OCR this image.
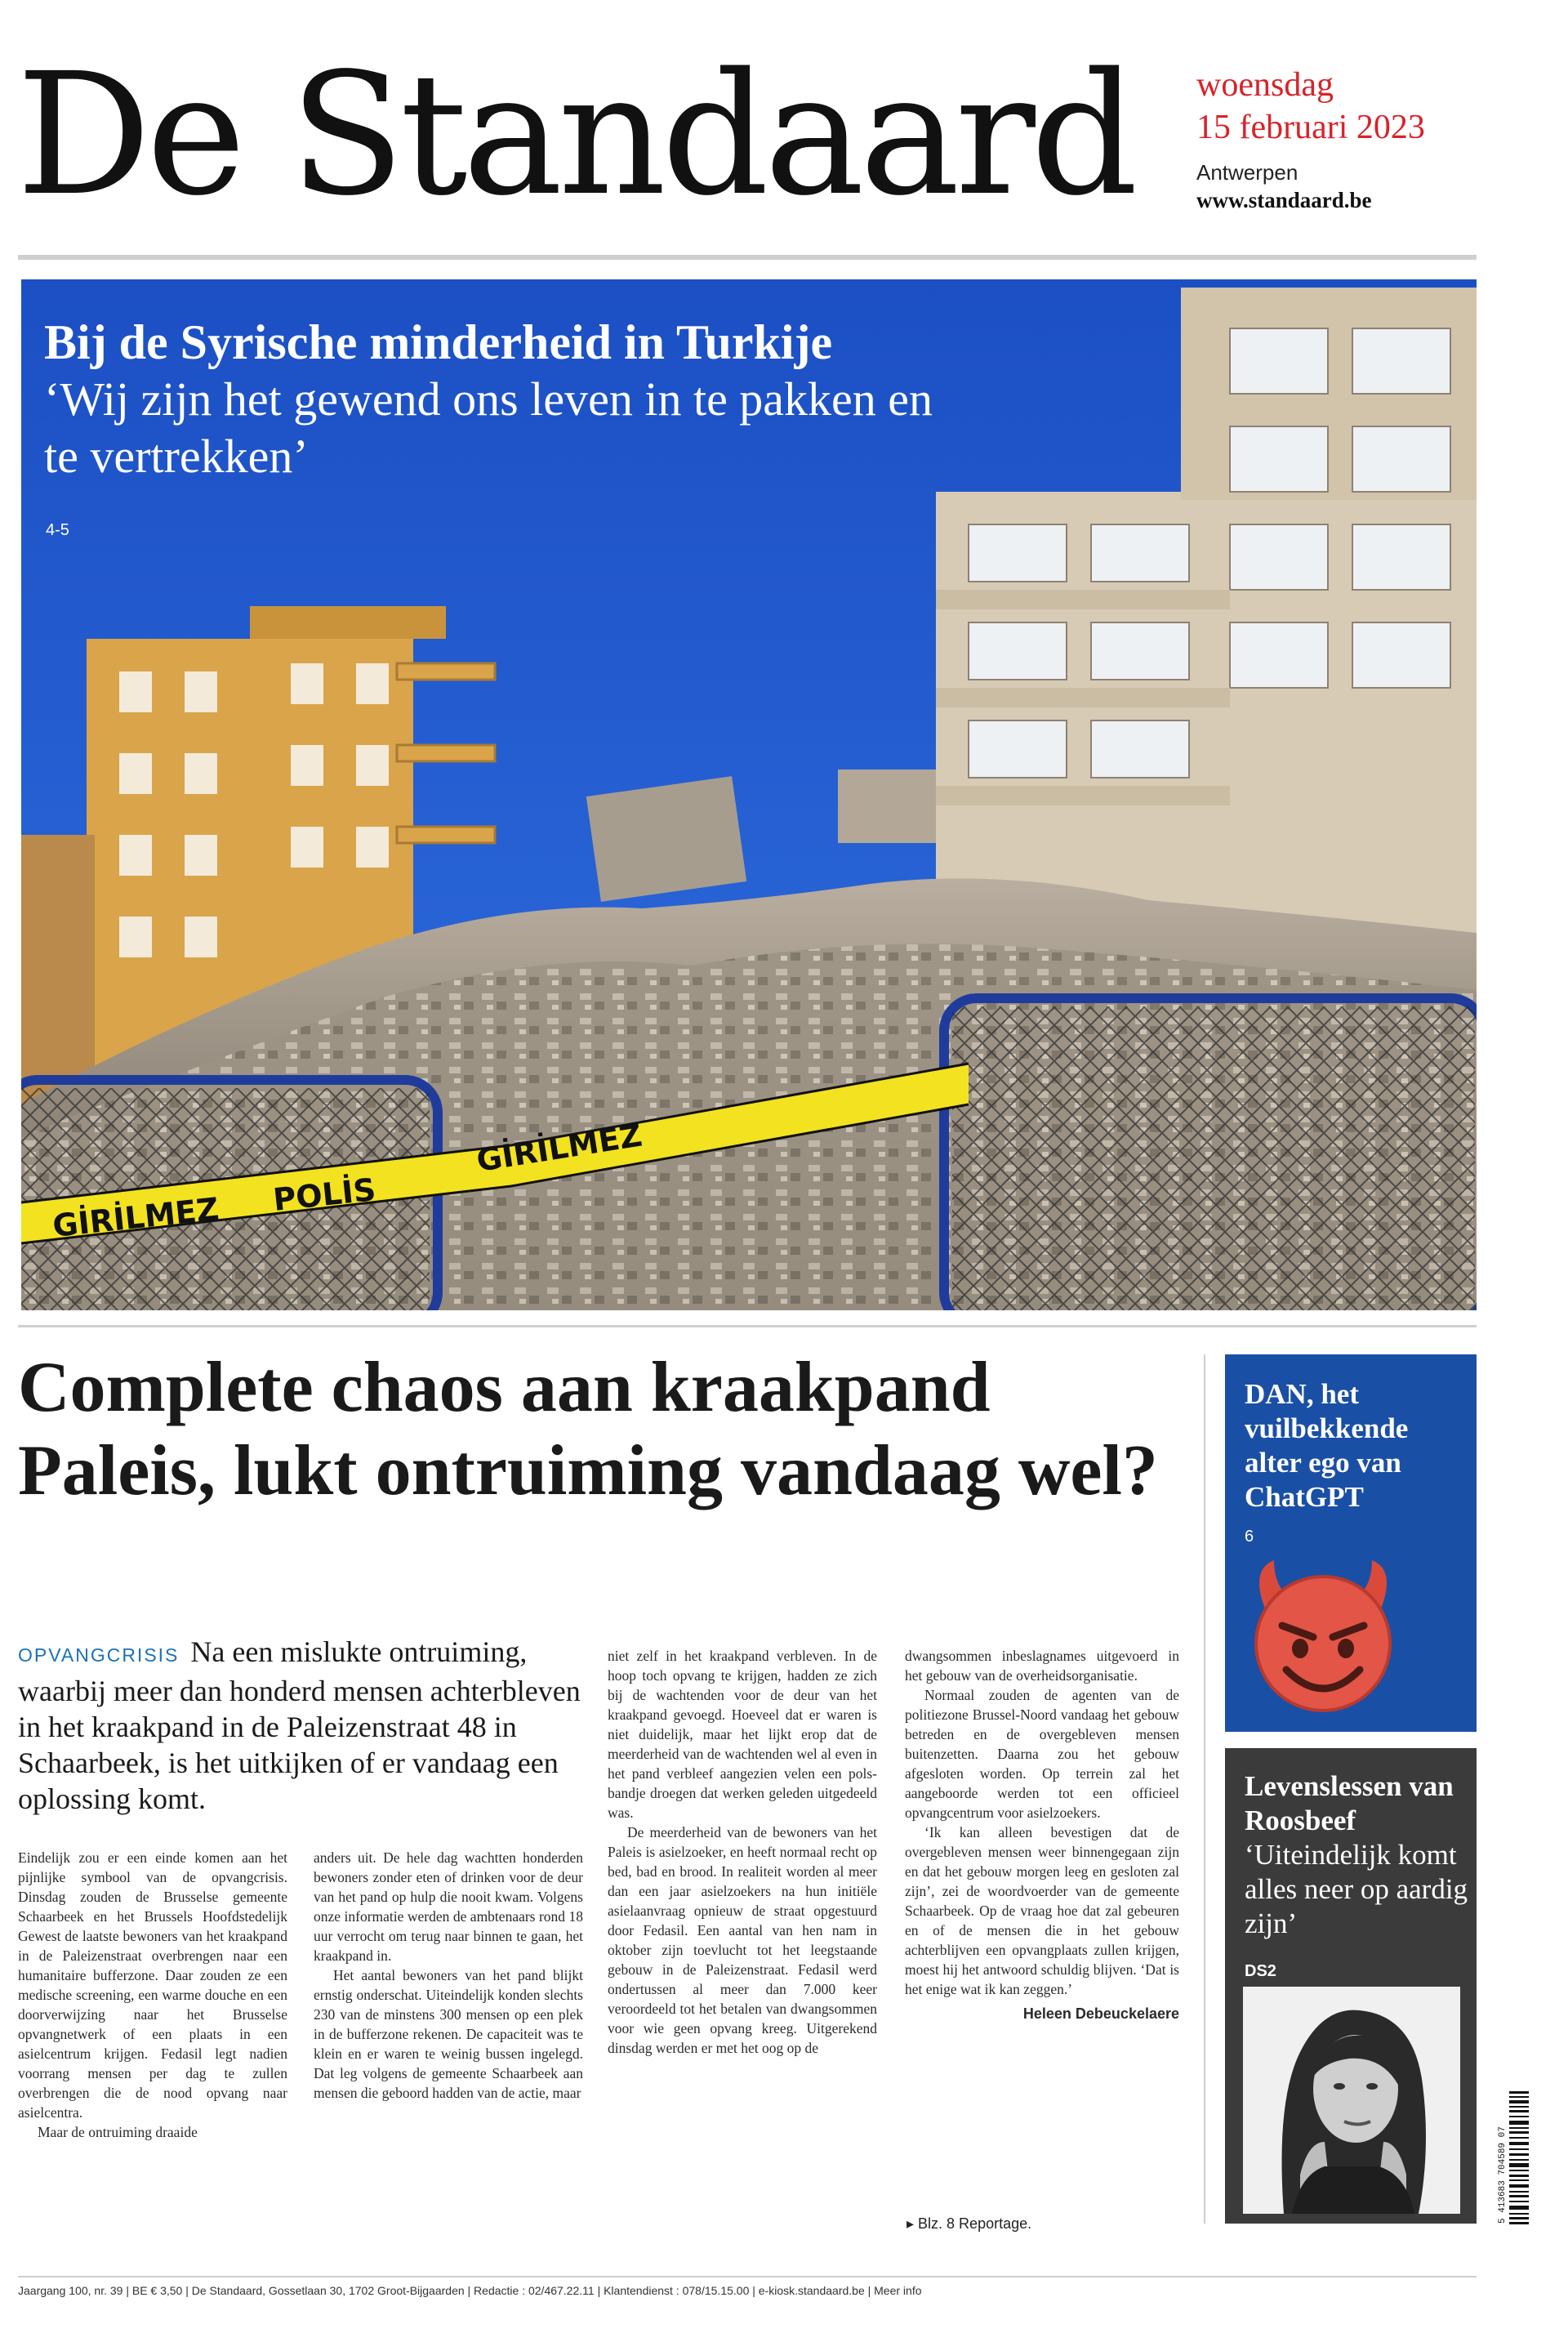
De Standaard	woensdag
15 februari 2023
Antwerpen
www.standaard.be
GİRİLMEZ POLİS
GİRİLMEZ
Bij de Syrische minderheid in Turkije
‘Wij zijn het gewend ons leven in te pakken en te vertrekken’
4-5
Complete chaos aan kraakpand Paleis, lukt ontruiming vandaag wel?
OPVANGCRISIS Na een mislukte ontruiming, waarbij meer dan honderd mensen achterbleven in het kraakpand in de Paleizenstraat 48 in Schaarbeek, is het uitkijken of er vandaag een oplossing komt.

Eindelijk zou er een einde komen aan het pijnlijke symbool van de opvangcrisis. Dinsdag zouden de Brusselse gemeente Schaarbeek en het Brussels Hoofdstedelijk Gewest de laatste bewoners van het kraakpand in de Paleizenstraat overbrengen naar een humanitaire bufferzone. Daar zouden ze een medische screening, een warme douche en een doorverwijzing naar het Brusselse opvangnetwerk of een plaats in een asielcentrum krijgen. Fedasil legt nadien voorrang mensen per dag te zullen overbrengen die de nood opvang naar asielcentra.

Maar de ontruiming draaide

anders uit. De hele dag wachtten honderden bewoners zonder eten of drinken voor de deur van het pand op hulp die nooit kwam. Volgens onze informatie werden de ambtenaars rond 18 uur verrocht om terug naar binnen te gaan, het kraakpand in.

Het aantal bewoners van het pand blijkt ernstig onderschat. Uiteindelijk konden slechts 230 van de minstens 300 mensen op een plek in de bufferzone rekenen. De capaciteit was te klein en er waren te weinig bussen ingelegd. Dat leg volgens de gemeente Schaarbeek aan mensen die geboord hadden van de actie, maar

niet zelf in het kraakpand verbleven. In de hoop toch opvang te krijgen, hadden ze zich bij de wachtenden voor de deur van het kraakpand gevoegd. Hoeveel dat er waren is niet duidelijk, maar het lijkt erop dat de meerderheid van de wachtenden wel al even in het pand verbleef aangezien velen een pols-bandje droegen dat werken geleden uitgedeeld was.

De meerderheid van de bewoners van het Paleis is asielzoeker, en heeft normaal recht op bed, bad en brood. In realiteit worden al meer dan een jaar asielzoekers na hun initiële asielaanvraag opnieuw de straat opgestuurd door Fedasil. Een aantal van hen nam in oktober zijn toevlucht tot het leegstaande gebouw in de Paleizenstraat. Fedasil werd ondertussen al meer dan 7.000 keer veroordeeld tot het betalen van dwangsommen voor wie geen opvang kreeg. Uitgerekend dinsdag werden er met het oog op de

dwangsommen inbeslagnames uitgevoerd in het gebouw van de overheidsorganisatie.

Normaal zouden de agenten van de politiezone Brussel-Noord vandaag het gebouw betreden en de overgebleven mensen buitenzetten. Daarna zou het gebouw afgesloten worden. Op terrein zal het aangeboorde werden tot een officieel opvangcentrum voor asielzoekers.

‘Ik kan alleen bevestigen dat de overgebleven mensen weer binnengegaan zijn en dat het gebouw morgen leeg en gesloten zal zijn’, zei de woordvoerder van de gemeente Schaarbeek. Op de vraag hoe dat zal gebeuren en of de mensen die in het gebouw achterblijven een opvangplaats zullen krijgen, moest hij het antwoord schuldig blijven. ‘Dat is het enige wat ik kan zeggen.’

Heleen Debeuckelaere
▸ Blz. 8 Reportage.
DAN, het vuilbekkende alter ego van ChatGPT
6
Levenslessen van Roosbeef
‘Uiteindelijk komt alles neer op aardig zijn’
DS2
5 413683 704589 07
Jaargang 100, nr. 39 | BE € 3,50 | De Standaard, Gossetlaan 30, 1702 Groot-Bijgaarden | Redactie : 02/467.22.11 | Klantendienst : 078/15.15.00 | e-kiosk.standaard.be | Meer info
